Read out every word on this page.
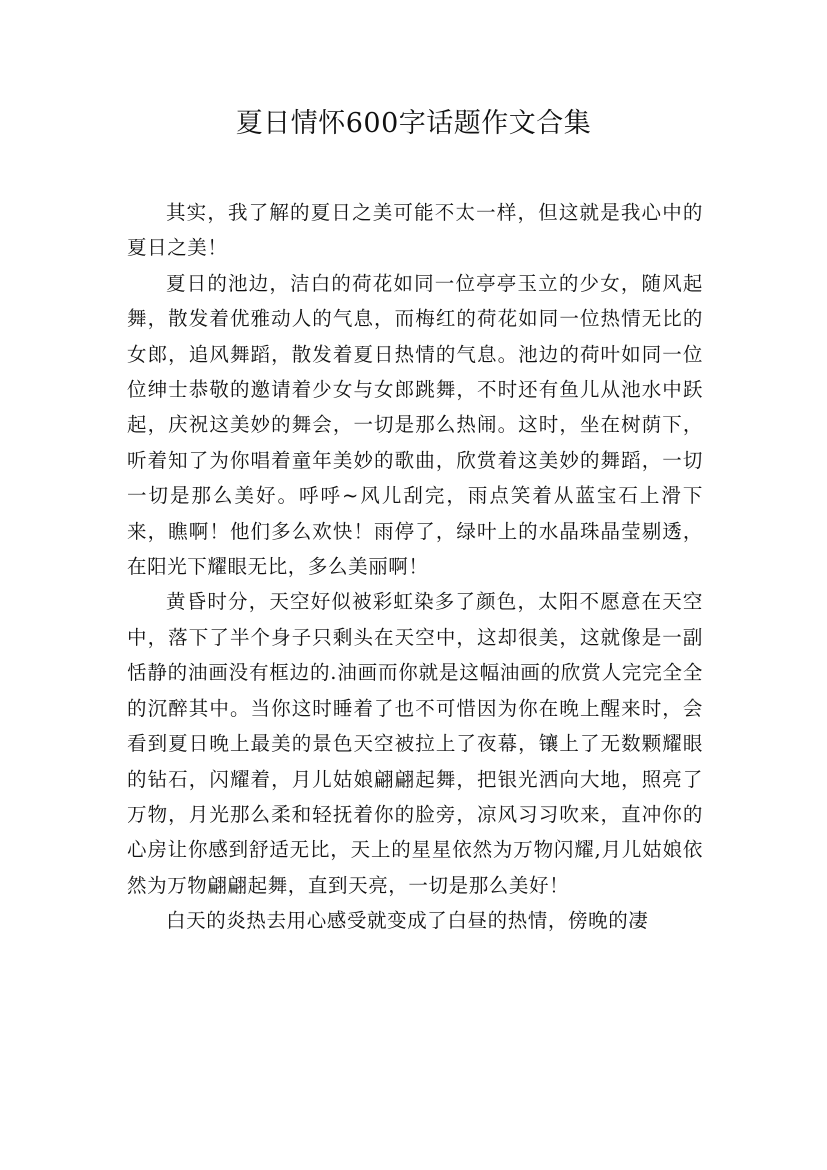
夏日情怀600字话题作文合集

其实，我了解的夏日之美可能不太一样，但这就是我心中的夏日之美！

夏日的池边，洁白的荷花如同一位亭亭玉立的少女，随风起舞，散发着优雅动人的气息，而梅红的荷花如同一位热情无比的女郎，追风舞蹈，散发着夏日热情的气息。池边的荷叶如同一位位绅士恭敬的邀请着少女与女郎跳舞，不时还有鱼儿从池水中跃起，庆祝这美妙的舞会，一切是那么热闹。这时，坐在树荫下，听着知了为你唱着童年美妙的歌曲，欣赏着这美妙的舞蹈，一切一切是那么美好。呼呼~风儿刮完，雨点笑着从蓝宝石上滑下来，瞧啊！他们多么欢快！雨停了，绿叶上的水晶珠晶莹剔透，在阳光下耀眼无比，多么美丽啊！

黄昏时分，天空好似被彩虹染多了颜色，太阳不愿意在天空中，落下了半个身子只剩头在天空中，这却很美，这就像是一副恬静的油画没有框边的.油画而你就是这幅油画的欣赏人完完全全的沉醉其中。当你这时睡着了也不可惜因为你在晚上醒来时，会看到夏日晚上最美的景色天空被拉上了夜幕，镶上了无数颗耀眼的钻石，闪耀着，月儿姑娘翩翩起舞，把银光洒向大地，照亮了万物，月光那么柔和轻抚着你的脸旁，凉风习习吹来，直冲你的心房让你感到舒适无比，天上的星星依然为万物闪耀,月儿姑娘依然为万物翩翩起舞，直到天亮，一切是那么美好！

白天的炎热去用心感受就变成了白昼的热情，傍晚的凄
